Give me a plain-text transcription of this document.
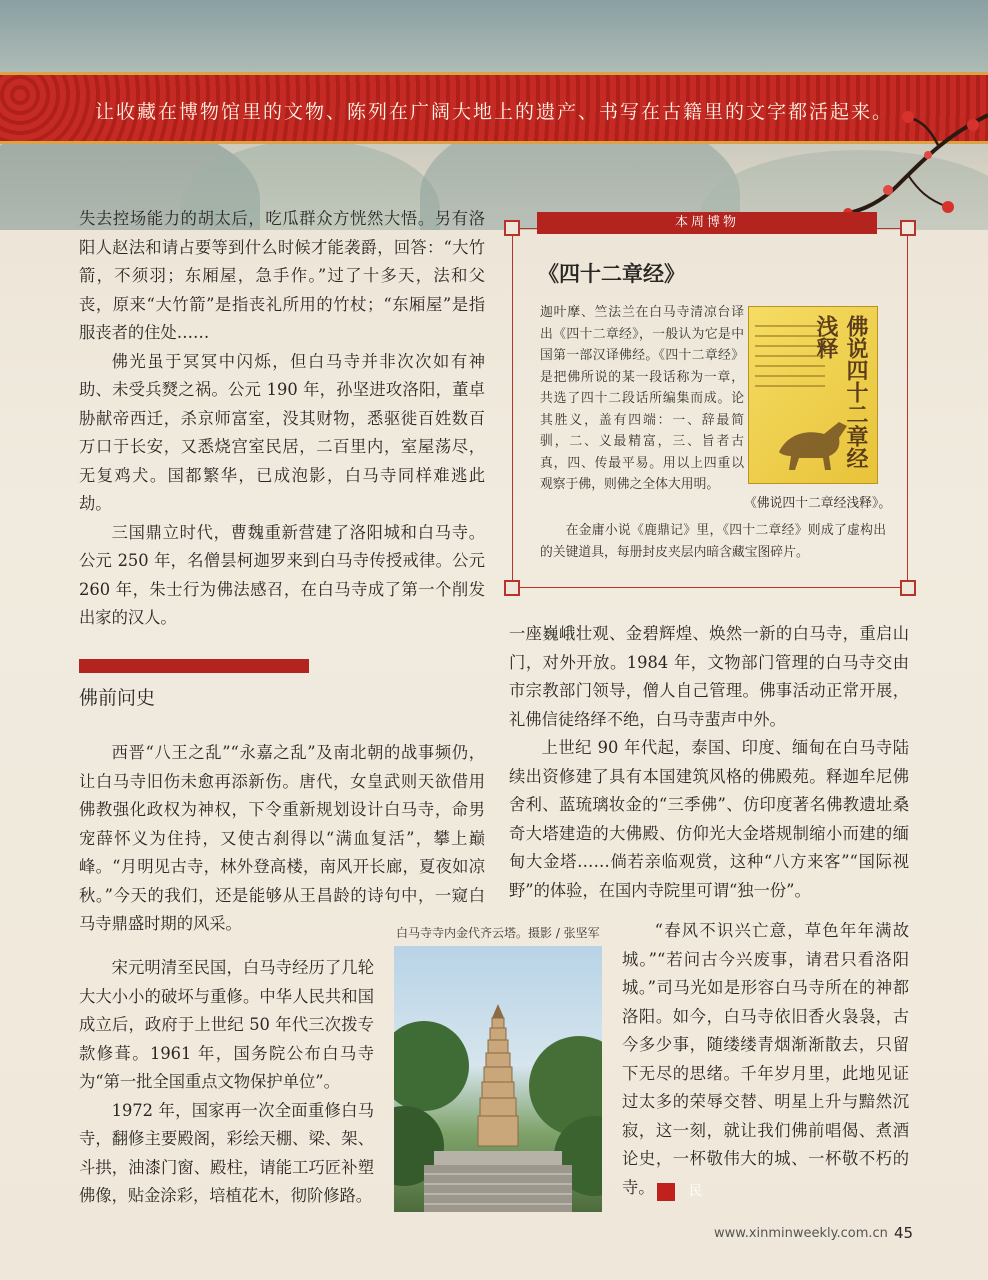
让收藏在博物馆里的文物、陈列在广阔大地上的遗产、书写在古籍里的文字都活起来。

失去控场能力的胡太后，吃瓜群众方恍然大悟。另有洛阳人赵法和请占要等到什么时候才能袭爵，回答：“大竹箭，不须羽；东厢屋，急手作。”过了十多天，法和父丧，原来“大竹箭”是指丧礼所用的竹杖；“东厢屋”是指服丧者的住处……

佛光虽于冥冥中闪烁，但白马寺并非次次如有神助、未受兵燹之祸。公元 190 年，孙坚进攻洛阳，董卓胁献帝西迁，杀京师富室，没其财物，悉驱徙百姓数百万口于长安，又悉烧宫室民居，二百里内，室屋荡尽，无复鸡犬。国都繁华，已成泡影，白马寺同样难逃此劫。

三国鼎立时代，曹魏重新营建了洛阳城和白马寺。公元 250 年，名僧昙柯迦罗来到白马寺传授戒律。公元 260 年，朱士行为佛法感召，在白马寺成了第一个削发出家的汉人。

本周博物
《四十二章经》
迦叶摩、竺法兰在白马寺清凉台译出《四十二章经》，一般认为它是中国第一部汉译佛经。《四十二章经》是把佛所说的某一段话称为一章，共选了四十二段话所编集而成。论其胜义，盖有四端：一、辞最简驯，二、义最精富，三、旨者古真，四、传最平易。用以上四重以观察于佛，则佛之全体大用明。
佛说四十二章经浅释
《佛说四十二章经浅释》。
在金庸小说《鹿鼎记》里，《四十二章经》则成了虚构出的关键道具，每册封皮夹层内暗含藏宝图碎片。
佛前问史

西晋“八王之乱”“永嘉之乱”及南北朝的战事频仍，让白马寺旧伤未愈再添新伤。唐代，女皇武则天欲借用佛教强化政权为神权，下令重新规划设计白马寺，命男宠薛怀义为住持，又使古刹得以“满血复活”，攀上巅峰。“月明见古寺，林外登高楼，南风开长廊，夏夜如凉秋。”今天的我们，还是能够从王昌龄的诗句中，一窥白马寺鼎盛时期的风采。

宋元明清至民国，白马寺经历了几轮大大小小的破坏与重修。中华人民共和国成立后，政府于上世纪 50 年代三次拨专款修葺。1961 年，国务院公布白马寺为“第一批全国重点文物保护单位”。

1972 年，国家再一次全面重修白马寺，翻修主要殿阁，彩绘天棚、梁、架、斗拱，油漆门窗、殿柱，请能工巧匠补塑佛像，贴金涂彩，培植花木，彻阶修路。

一座巍峨壮观、金碧辉煌、焕然一新的白马寺，重启山门，对外开放。1984 年，文物部门管理的白马寺交由市宗教部门领导，僧人自己管理。佛事活动正常开展，礼佛信徒络绎不绝，白马寺蜚声中外。

上世纪 90 年代起，泰国、印度、缅甸在白马寺陆续出资修建了具有本国建筑风格的佛殿苑。释迦牟尼佛舍利、蓝琉璃妆金的“三季佛”、仿印度著名佛教遗址桑奇大塔建造的大佛殿、仿仰光大金塔规制缩小而建的缅甸大金塔……倘若亲临观赏，这种“八方来客”“国际视野”的体验，在国内寺院里可谓“独一份”。

白马寺寺内金代齐云塔。摄影 / 张坚军	“春风不识兴亡意，草色年年满故城。”“若问古今兴废事，请君只看洛阳城。”司马光如是形容白马寺所在的神都洛阳。如今，白马寺依旧香火袅袅，古今多少事，随缕缕青烟渐渐散去，只留下无尽的思绪。千年岁月里，此地见证过太多的荣辱交替、明星上升与黯然沉寂，这一刻，就让我们佛前唱偈、煮酒论史，一杯敬伟大的城、一杯敬不朽的寺。	民

www.xinminweekly.com.cn 45
